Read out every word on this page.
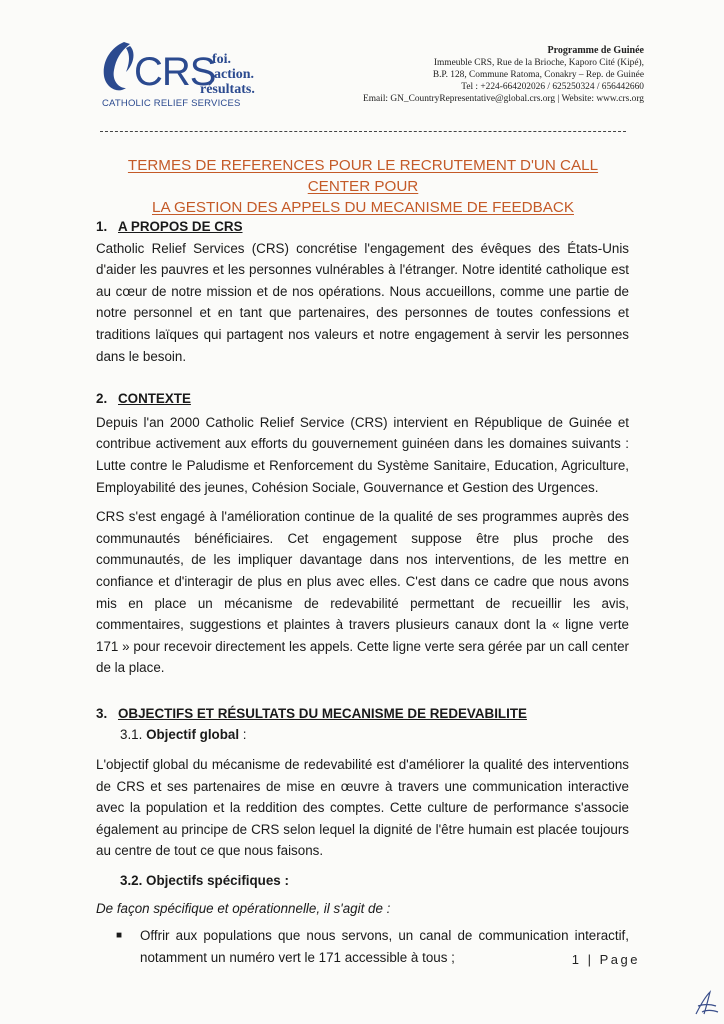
CRS
CATHOLIC RELIEF SERVICES
foi.
action.
résultats.
Programme de Guinée
Immeuble CRS, Rue de la Brioche, Kaporo Cité (Kipé),
B.P. 128, Commune Ratoma, Conakry – Rep. de Guinée
Tel : +224-664202026 / 625250324 / 656442660
Email: GN_CountryRepresentative@global.crs.org | Website: www.crs.org
TERMES DE REFERENCES POUR LE RECRUTEMENT D'UN CALL CENTER POUR
LA GESTION DES APPELS DU MECANISME DE FEEDBACK
1. A PROPOS DE CRS

Catholic Relief Services (CRS) concrétise l'engagement des évêques des États-Unis d'aider les pauvres et les personnes vulnérables à l'étranger. Notre identité catholique est au cœur de notre mission et de nos opérations. Nous accueillons, comme une partie de notre personnel et en tant que partenaires, des personnes de toutes confessions et traditions laïques qui partagent nos valeurs et notre engagement à servir les personnes dans le besoin.

2. CONTEXTE

Depuis l'an 2000 Catholic Relief Service (CRS) intervient en République de Guinée et contribue activement aux efforts du gouvernement guinéen dans les domaines suivants : Lutte contre le Paludisme et Renforcement du Système Sanitaire, Education, Agriculture, Employabilité des jeunes, Cohésion Sociale, Gouvernance et Gestion des Urgences.

CRS s'est engagé à l'amélioration continue de la qualité de ses programmes auprès des communautés bénéficiaires. Cet engagement suppose être plus proche des communautés, de les impliquer davantage dans nos interventions, de les mettre en confiance et d'interagir de plus en plus avec elles. C'est dans ce cadre que nous avons mis en place un mécanisme de redevabilité permettant de recueillir les avis, commentaires, suggestions et plaintes à travers plusieurs canaux dont la « ligne verte 171 » pour recevoir directement les appels. Cette ligne verte sera gérée par un call center de la place.

3. OBJECTIFS ET RÉSULTATS DU MECANISME DE REDEVABILITE
3.1. Objectif global :

L'objectif global du mécanisme de redevabilité est d'améliorer la qualité des interventions de CRS et ses partenaires de mise en œuvre à travers une communication interactive avec la population et la reddition des comptes. Cette culture de performance s'associe également au principe de CRS selon lequel la dignité de l'être humain est placée toujours au centre de tout ce que nous faisons.

3.2. Objectifs spécifiques :

De façon spécifique et opérationnelle, il s'agit de :

■	Offrir aux populations que nous servons, un canal de communication interactif, notamment un numéro vert le 171 accessible à tous ;	1 | Page
